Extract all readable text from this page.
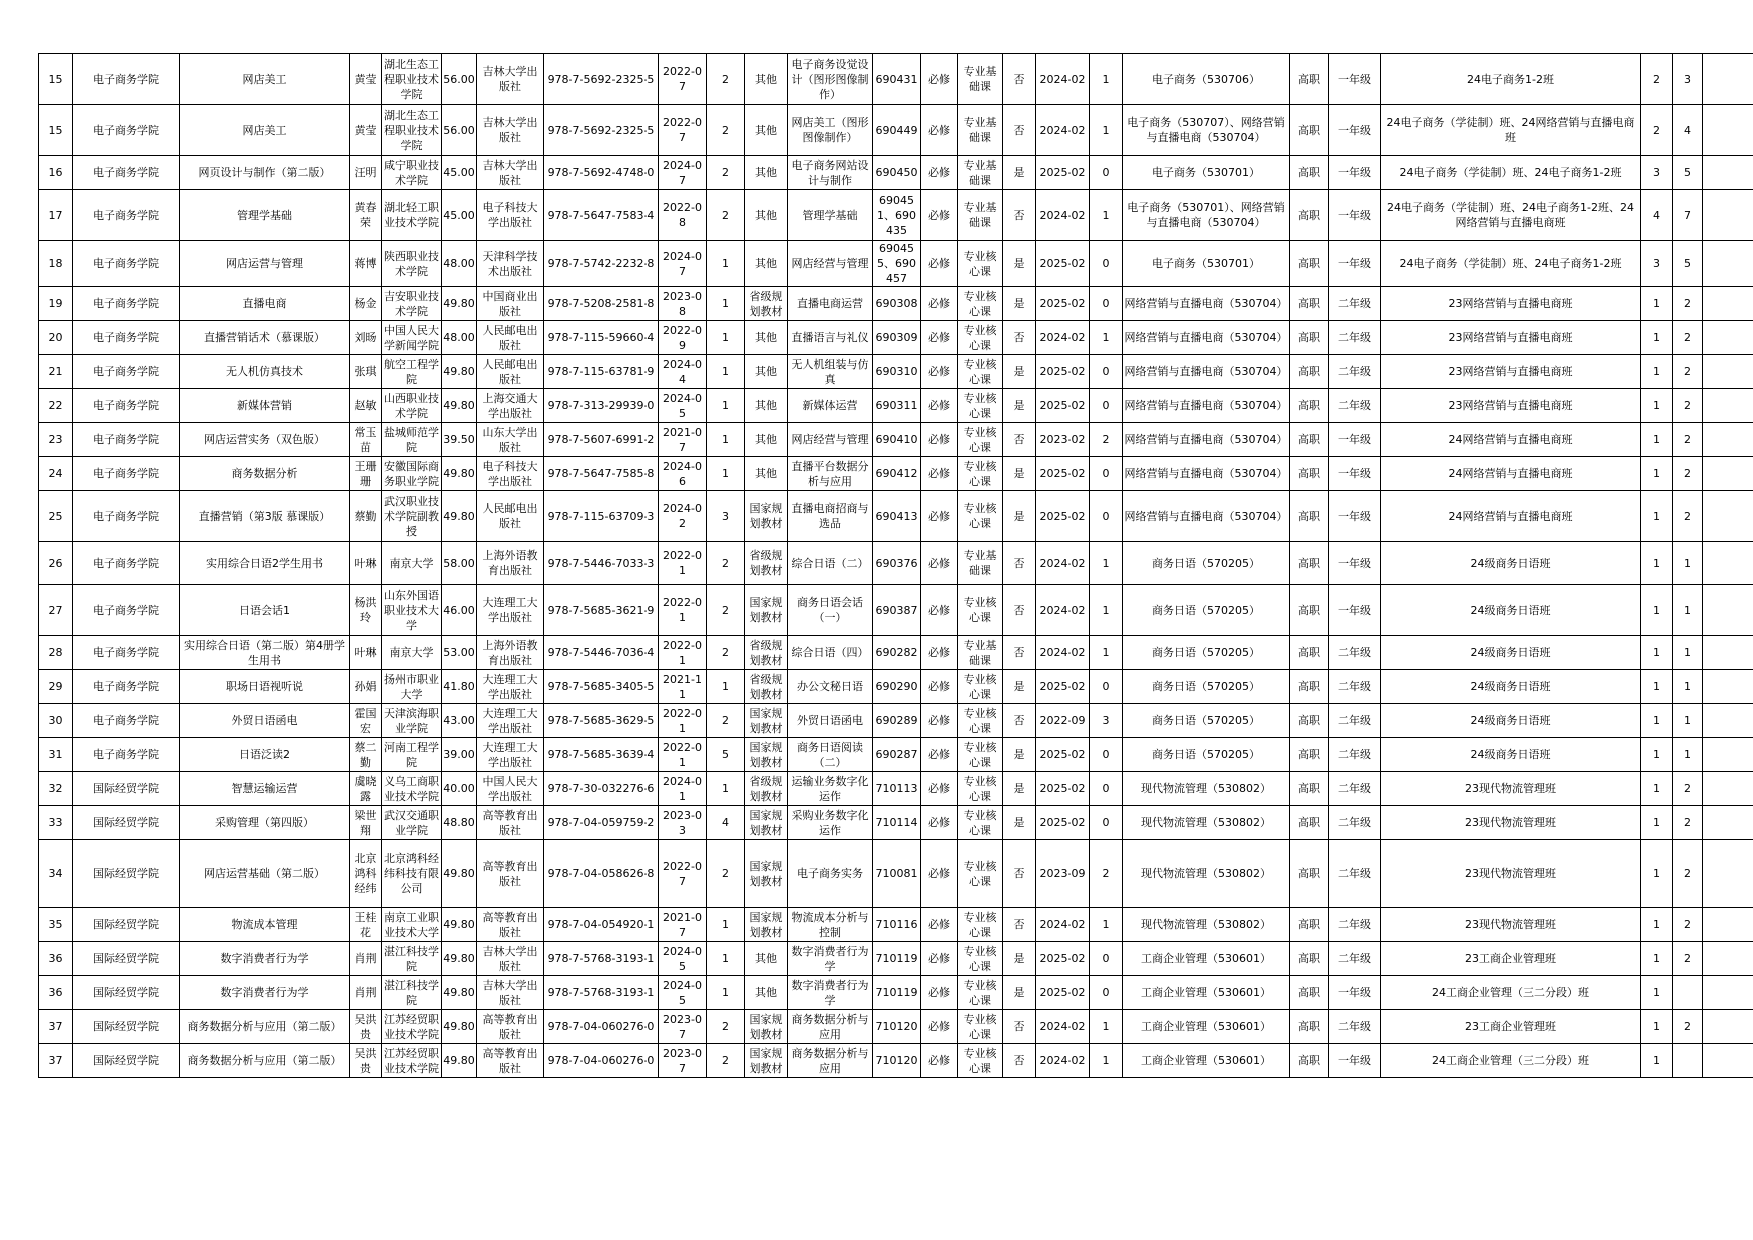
15	电子商务学院	网店美工	黄莹	湖北生态工程职业技术学院	56.00	吉林大学出版社	978-7-5692-2325-5	2022-07	2	其他	电子商务设觉设计（图形图像制作）	690431	必修	专业基础课	否	2024-02	1	电子商务（530706）	高职	一年级	24电子商务1-2班	2	3	
15	电子商务学院	网店美工	黄莹	湖北生态工程职业技术学院	56.00	吉林大学出版社	978-7-5692-2325-5	2022-07	2	其他	网店美工（图形图像制作）	690449	必修	专业基础课	否	2024-02	1	电子商务（530707）、网络营销与直播电商（530704）	高职	一年级	24电子商务（学徒制）班、24网络营销与直播电商班	2	4	
16	电子商务学院	网页设计与制作（第二版）	汪明	咸宁职业技术学院	45.00	吉林大学出版社	978-7-5692-4748-0	2024-07	2	其他	电子商务网站设计与制作	690450	必修	专业基础课	是	2025-02	0	电子商务（530701）	高职	一年级	24电子商务（学徒制）班、24电子商务1-2班	3	5	
17	电子商务学院	管理学基础	黄春荣	湖北轻工职业技术学院	45.00	电子科技大学出版社	978-7-5647-7583-4	2022-08	2	其他	管理学基础	690451、690435	必修	专业基础课	否	2024-02	1	电子商务（530701）、网络营销与直播电商（530704）	高职	一年级	24电子商务（学徒制）班、24电子商务1-2班、24网络营销与直播电商班	4	7	
18	电子商务学院	网店运营与管理	蒋博	陕西职业技术学院	48.00	天津科学技术出版社	978-7-5742-2232-8	2024-07	1	其他	网店经营与管理	690455、690457	必修	专业核心课	是	2025-02	0	电子商务（530701）	高职	一年级	24电子商务（学徒制）班、24电子商务1-2班	3	5	
19	电子商务学院	直播电商	杨金	吉安职业技术学院	49.80	中国商业出版社	978-7-5208-2581-8	2023-08	1	省级规划教材	直播电商运营	690308	必修	专业核心课	是	2025-02	0	网络营销与直播电商（530704）	高职	二年级	23网络营销与直播电商班	1	2	
20	电子商务学院	直播营销话术（慕课版）	刘旸	中国人民大学新闻学院	48.00	人民邮电出版社	978-7-115-59660-4	2022-09	1	其他	直播语言与礼仪	690309	必修	专业核心课	否	2024-02	1	网络营销与直播电商（530704）	高职	二年级	23网络营销与直播电商班	1	2	
21	电子商务学院	无人机仿真技术	张琪	航空工程学院	49.80	人民邮电出版社	978-7-115-63781-9	2024-04	1	其他	无人机组装与仿真	690310	必修	专业核心课	是	2025-02	0	网络营销与直播电商（530704）	高职	二年级	23网络营销与直播电商班	1	2	
22	电子商务学院	新媒体营销	赵敏	山西职业技术学院	49.80	上海交通大学出版社	978-7-313-29939-0	2024-05	1	其他	新媒体运营	690311	必修	专业核心课	是	2025-02	0	网络营销与直播电商（530704）	高职	二年级	23网络营销与直播电商班	1	2	
23	电子商务学院	网店运营实务（双色版）	常玉苗	盐城师范学院	39.50	山东大学出版社	978-7-5607-6991-2	2021-07	1	其他	网店经营与管理	690410	必修	专业核心课	否	2023-02	2	网络营销与直播电商（530704）	高职	一年级	24网络营销与直播电商班	1	2	
24	电子商务学院	商务数据分析	王珊珊	安徽国际商务职业学院	49.80	电子科技大学出版社	978-7-5647-7585-8	2024-06	1	其他	直播平台数据分析与应用	690412	必修	专业核心课	是	2025-02	0	网络营销与直播电商（530704）	高职	一年级	24网络营销与直播电商班	1	2	
25	电子商务学院	直播营销（第3版 慕课版）	蔡勤	武汉职业技术学院副教授	49.80	人民邮电出版社	978-7-115-63709-3	2024-02	3	国家规划教材	直播电商招商与选品	690413	必修	专业核心课	是	2025-02	0	网络营销与直播电商（530704）	高职	一年级	24网络营销与直播电商班	1	2	
26	电子商务学院	实用综合日语2学生用书	叶琳	南京大学	58.00	上海外语教育出版社	978-7-5446-7033-3	2022-01	2	省级规划教材	综合日语（二）	690376	必修	专业基础课	否	2024-02	1	商务日语（570205）	高职	一年级	24级商务日语班	1	1	
27	电子商务学院	日语会话1	杨洪玲	山东外国语职业技术大学	46.00	大连理工大学出版社	978-7-5685-3621-9	2022-01	2	国家规划教材	商务日语会话（一）	690387	必修	专业核心课	否	2024-02	1	商务日语（570205）	高职	一年级	24级商务日语班	1	1	
28	电子商务学院	实用综合日语（第二版）第4册学生用书	叶琳	南京大学	53.00	上海外语教育出版社	978-7-5446-7036-4	2022-01	2	省级规划教材	综合日语（四）	690282	必修	专业基础课	否	2024-02	1	商务日语（570205）	高职	二年级	24级商务日语班	1	1	
29	电子商务学院	职场日语视听说	孙娟	扬州市职业大学	41.80	大连理工大学出版社	978-7-5685-3405-5	2021-11	1	省级规划教材	办公文秘日语	690290	必修	专业核心课	是	2025-02	0	商务日语（570205）	高职	二年级	24级商务日语班	1	1	
30	电子商务学院	外贸日语函电	霍国宏	天津滨海职业学院	43.00	大连理工大学出版社	978-7-5685-3629-5	2022-01	2	国家规划教材	外贸日语函电	690289	必修	专业核心课	否	2022-09	3	商务日语（570205）	高职	二年级	24级商务日语班	1	1	
31	电子商务学院	日语泛读2	蔡二勤	河南工程学院	39.00	大连理工大学出版社	978-7-5685-3639-4	2022-01	5	国家规划教材	商务日语阅读（二）	690287	必修	专业核心课	是	2025-02	0	商务日语（570205）	高职	二年级	24级商务日语班	1	1	
32	国际经贸学院	智慧运输运营	虞晓露	义乌工商职业技术学院	40.00	中国人民大学出版社	978-7-30-032276-6	2024-01	1	省级规划教材	运输业务数字化运作	710113	必修	专业核心课	是	2025-02	0	现代物流管理（530802）	高职	二年级	23现代物流管理班	1	2	
33	国际经贸学院	采购管理（第四版）	梁世翔	武汉交通职业学院	48.80	高等教育出版社	978-7-04-059759-2	2023-03	4	国家规划教材	采购业务数字化运作	710114	必修	专业核心课	是	2025-02	0	现代物流管理（530802）	高职	二年级	23现代物流管理班	1	2	
34	国际经贸学院	网店运营基础（第二版）	北京鸿科经纬	北京鸿科经纬科技有限公司	49.80	高等教育出版社	978-7-04-058626-8	2022-07	2	国家规划教材	电子商务实务	710081	必修	专业核心课	否	2023-09	2	现代物流管理（530802）	高职	二年级	23现代物流管理班	1	2	
35	国际经贸学院	物流成本管理	王桂花	南京工业职业技术大学	49.80	高等教育出版社	978-7-04-054920-1	2021-07	1	国家规划教材	物流成本分析与控制	710116	必修	专业核心课	否	2024-02	1	现代物流管理（530802）	高职	二年级	23现代物流管理班	1	2	
36	国际经贸学院	数字消费者行为学	肖荆	湛江科技学院	49.80	吉林大学出版社	978-7-5768-3193-1	2024-05	1	其他	数字消费者行为学	710119	必修	专业核心课	是	2025-02	0	工商企业管理（530601）	高职	二年级	23工商企业管理班	1	2	
36	国际经贸学院	数字消费者行为学	肖荆	湛江科技学院	49.80	吉林大学出版社	978-7-5768-3193-1	2024-05	1	其他	数字消费者行为学	710119	必修	专业核心课	是	2025-02	0	工商企业管理（530601）	高职	一年级	24工商企业管理（三二分段）班	1		
37	国际经贸学院	商务数据分析与应用（第二版）	吴洪贵	江苏经贸职业技术学院	49.80	高等教育出版社	978-7-04-060276-0	2023-07	2	国家规划教材	商务数据分析与应用	710120	必修	专业核心课	否	2024-02	1	工商企业管理（530601）	高职	二年级	23工商企业管理班	1	2	
37	国际经贸学院	商务数据分析与应用（第二版）	吴洪贵	江苏经贸职业技术学院	49.80	高等教育出版社	978-7-04-060276-0	2023-07	2	国家规划教材	商务数据分析与应用	710120	必修	专业核心课	否	2024-02	1	工商企业管理（530601）	高职	一年级	24工商企业管理（三二分段）班	1		
